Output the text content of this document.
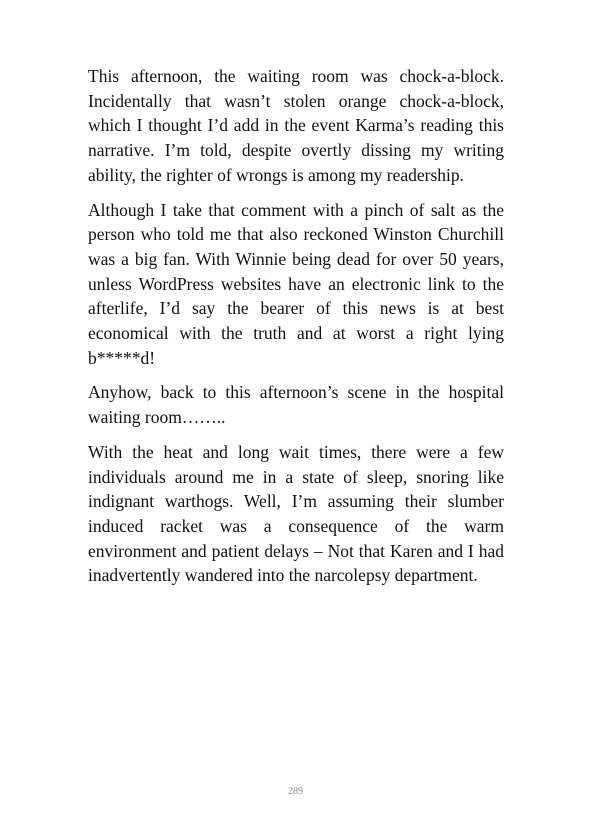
This afternoon, the waiting room was chock-a-block. Incidentally that wasn’t stolen orange chock-a-block, which I thought I’d add in the event Karma’s reading this narrative. I’m told, despite overtly dissing my writing ability, the righter of wrongs is among my readership.

Although I take that comment with a pinch of salt as the person who told me that also reckoned Winston Churchill was a big fan. With Winnie being dead for over 50 years, unless WordPress websites have an electronic link to the afterlife, I’d say the bearer of this news is at best economical with the truth and at worst a right lying b*****d!

Anyhow, back to this afternoon’s scene in the hospital waiting room……..

With the heat and long wait times, there were a few individuals around me in a state of sleep, snoring like indignant warthogs. Well, I’m assuming their slumber induced racket was a consequence of the warm environment and patient delays – Not that Karen and I had inadvertently wandered into the narcolepsy department.

289
